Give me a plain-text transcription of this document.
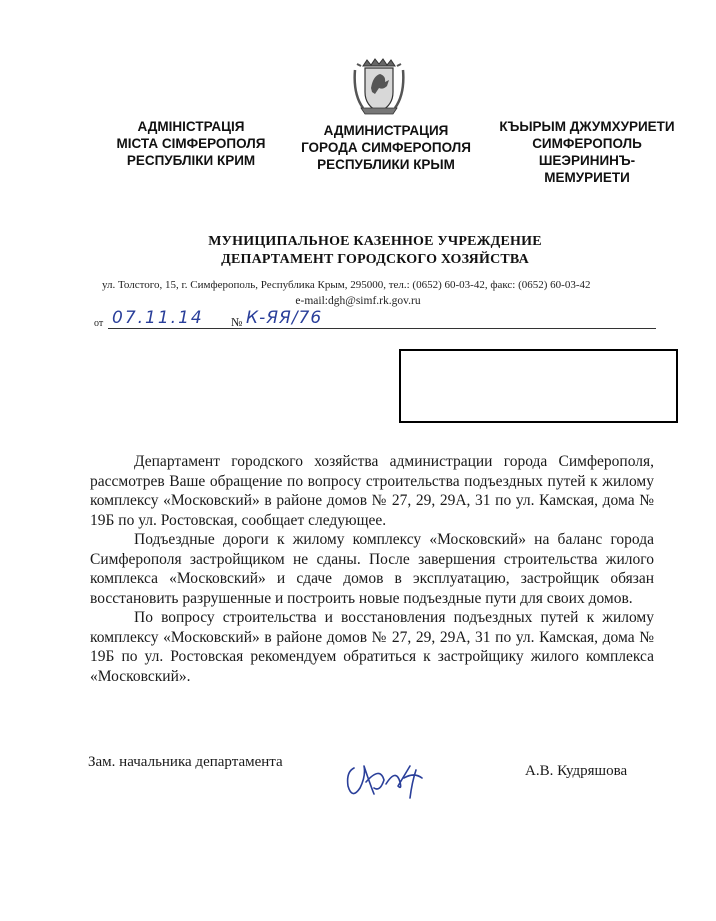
АДМІНІСТРАЦІЯ
МІСТА СІМФЕРОПОЛЯ
РЕСПУБЛІКИ КРИМ
АДМИНИСТРАЦИЯ
ГОРОДА СИМФЕРОПОЛЯ
РЕСПУБЛИКИ КРЫМ
КЪЫРЫМ ДЖУМХУРИЕТИ
СИМФЕРОПОЛЬ
ШЕЭРИНИНЪ-
МЕМУРИЕТИ
МУНИЦИПАЛЬНОЕ КАЗЕННОЕ УЧРЕЖДЕНИЕ
ДЕПАРТАМЕНТ ГОРОДСКОГО ХОЗЯЙСТВА
ул. Толстого, 15, г. Симферополь, Республика Крым, 295000, тел.: (0652) 60-03-42, факс: (0652) 60-03-42
e-mail:dgh@simf.rk.gov.ru
от 07.11.14 № К-ЯЯ/76

Департамент городского хозяйства администрации города Симферополя, рассмотрев Ваше обращение по вопросу строительства подъездных путей к жилому комплексу «Московский» в районе домов № 27, 29, 29А, 31 по ул. Камская, дома № 19Б по ул. Ростовская, сообщает следующее.

Подъездные дороги к жилому комплексу «Московский» на баланс города Симферополя застройщиком не сданы. После завершения строительства жилого комплекса «Московский» и сдаче домов в эксплуатацию, застройщик обязан восстановить разрушенные и построить новые подъездные пути для своих домов.

По вопросу строительства и восстановления подъездных путей к жилому комплексу «Московский» в районе домов № 27, 29, 29А, 31 по ул. Камская, дома № 19Б по ул. Ростовская рекомендуем обратиться к застройщику жилого комплекса «Московский».

Зам. начальника департамента
А.В. Кудряшова
